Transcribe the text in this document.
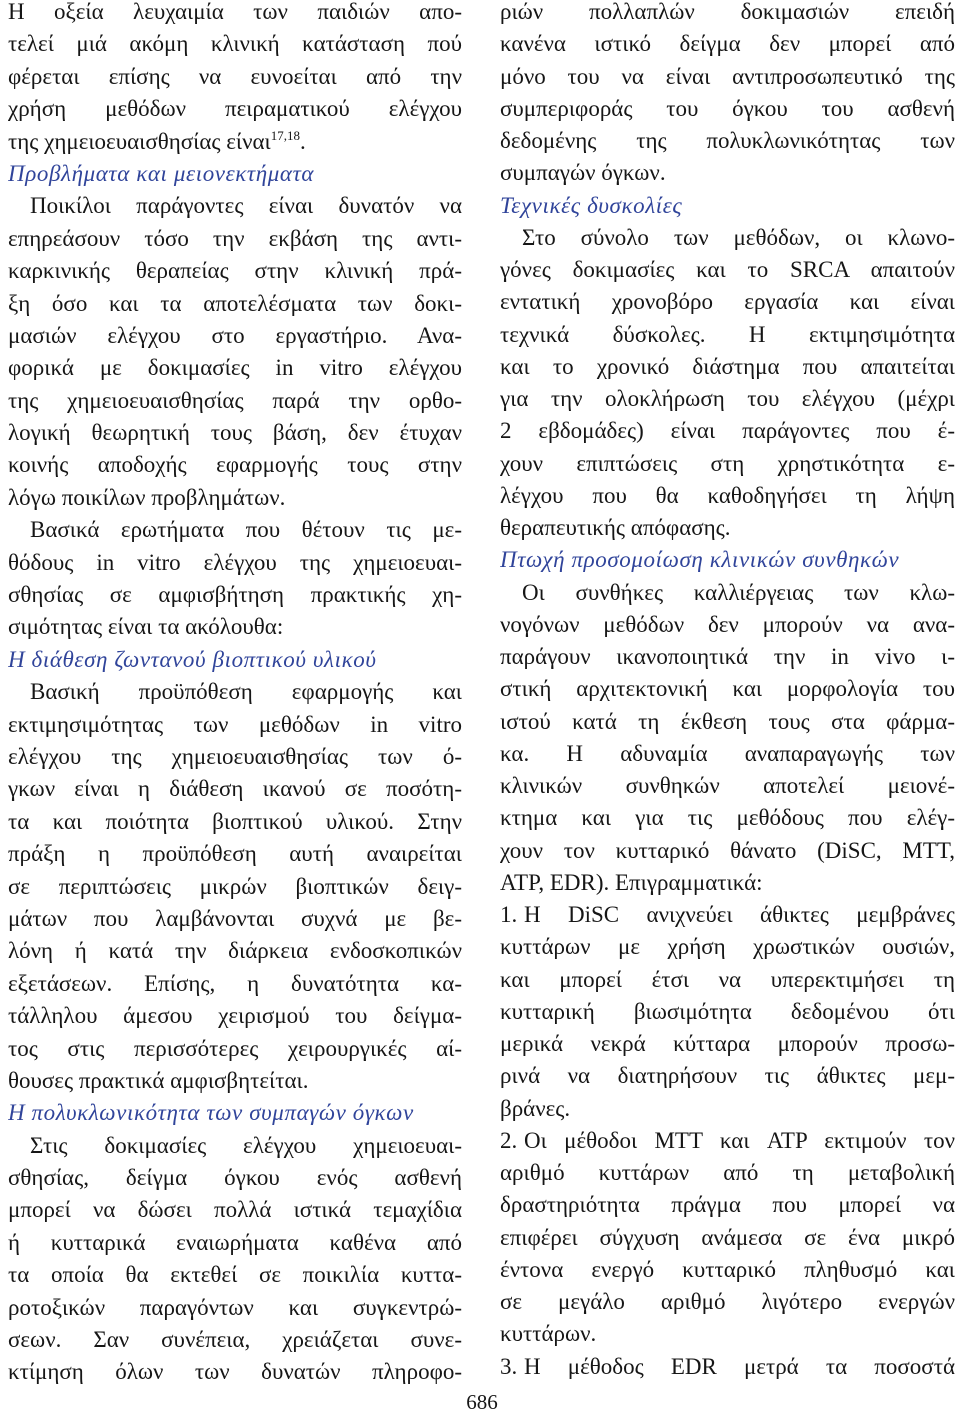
Η οξεία λευχαιμία των παιδιών απο-
τελεί μιά ακόμη κλινική κατάσταση πού
φέρεται επίσης να ευνοείται από την
χρήση μεθόδων πειραματικού ελέγχου
της χημειοευαισθησίας είναι$^{17,18}$.
Προβλήματα και μειονεκτήματα
Ποικίλοι παράγοντες είναι δυνατόν να
επηρεάσουν τόσο την εκβάση της αντι-
καρκινικής θεραπείας στην κλινική πρά-
ξη όσο και τα αποτελέσματα των δοκι-
μασιών ελέγχου στο εργαστήριο. Ανα-
φορικά με δοκιμασίες in vitro ελέγχου
της χημειοευαισθησίας παρά την ορθο-
λογική θεωρητική τους βάση, δεν έτυχαν
κοινής αποδοχής εφαρμογής τους στην
λόγω ποικίλων προβλημάτων.
Βασικά ερωτήματα που θέτουν τις με-
θόδους in vitro ελέγχου της χημειοευαι-
σθησίας σε αμφισβήτηση πρακτικής χη-
σιμότητας είναι τα ακόλουθα:
Η διάθεση ζωντανού βιοπτικού υλικού
Βασική προϋπόθεση εφαρμογής και
εκτιμησιμότητας των μεθόδων in vitro
ελέγχου της χημειοευαισθησίας των ό-
γκων είναι η διάθεση ικανού σε ποσότη-
τα και ποιότητα βιοπτικού υλικού. Στην
πράξη η προϋπόθεση αυτή αναιρείται
σε περιπτώσεις μικρών βιοπτικών δειγ-
μάτων που λαμβάνονται συχνά με βε-
λόνη ή κατά την διάρκεια ενδοσκοπικών
εξετάσεων. Επίσης, η δυνατότητα κα-
τάλληλου άμεσου χειρισμού του δείγμα-
τος στις περισσότερες χειρουργικές αί-
θουσες πρακτικά αμφισβητείται.
Η πολυκλωνικότητα των συμπαγών όγκων
Στις δοκιμασίες ελέγχου χημειοευαι-
σθησίας, δείγμα όγκου ενός ασθενή
μπορεί να δώσει πολλά ιστικά τεμαχίδια
ή κυτταρικά εναιωρήματα καθένα από
τα οποία θα εκτεθεί σε ποικιλία κυττα-
ροτοξικών παραγόντων και συγκεντρώ-
σεων. Σαν συνέπεια, χρειάζεται συνε-
κτίμηση όλων των δυνατών πληροφο-
ριών πολλαπλών δοκιμασιών επειδή
κανένα ιστικό δείγμα δεν μπορεί από
μόνο του να είναι αντιπροσωπευτικό της
συμπεριφοράς του όγκου του ασθενή
δεδομένης της πολυκλωνικότητας των
συμπαγών όγκων.
Τεχνικές δυσκολίες
Στο σύνολο των μεθόδων, οι κλωνο-
γόνες δοκιμασίες και το SRCA απαιτούν
εντατική χρονοβόρο εργασία και είναι
τεχνικά δύσκολες. Η εκτιμησιμότητα
και το χρονικό διάστημα που απαιτείται
για την ολοκλήρωση του ελέγχου (μέχρι
2 εβδομάδες) είναι παράγοντες που έ-
χουν επιπτώσεις στη χρηστικότητα ε-
λέγχου που θα καθοδηγήσει τη λήψη
θεραπευτικής απόφασης.
Πτωχή προσομοίωση κλινικών συνθηκών
Οι συνθήκες καλλιέργειας των κλω-
νογόνων μεθόδων δεν μπορούν να ανα-
παράγουν ικανοποιητικά την in vivo ι-
στική αρχιτεκτονική και μορφολογία του
ιστού κατά τη έκθεση τους στα φάρμα-
κα. Η αδυναμία αναπαραγωγής των
κλινικών συνθηκών αποτελεί μειονέ-
κτημα και για τις μεθόδους που ελέγ-
χουν τον κυτταρικό θάνατο (DiSC, MTT,
ATP, EDR). Επιγραμματικά:
1. Η DiSC ανιχνεύει άθικτες μεμβράνες
κυττάρων με χρήση χρωστικών ουσιών,
και μπορεί έτσι να υπερεκτιμήσει τη
κυτταρική βιωσιμότητα δεδομένου ότι
μερικά νεκρά κύτταρα μπορούν προσω-
ρινά να διατηρήσουν τις άθικτες μεμ-
βράνες.
2. Οι μέθοδοι MTT και ATP εκτιμούν τον
αριθμό κυττάρων από τη μεταβολική
δραστηριότητα πράγμα που μπορεί να
επιφέρει σύγχυση ανάμεσα σε ένα μικρό
έντονα ενεργό κυτταρικό πληθυσμό και
σε μεγάλο αριθμό λιγότερο ενεργών
κυττάρων.
3. Η μέθοδος EDR μετρά τα ποσοστά
686
